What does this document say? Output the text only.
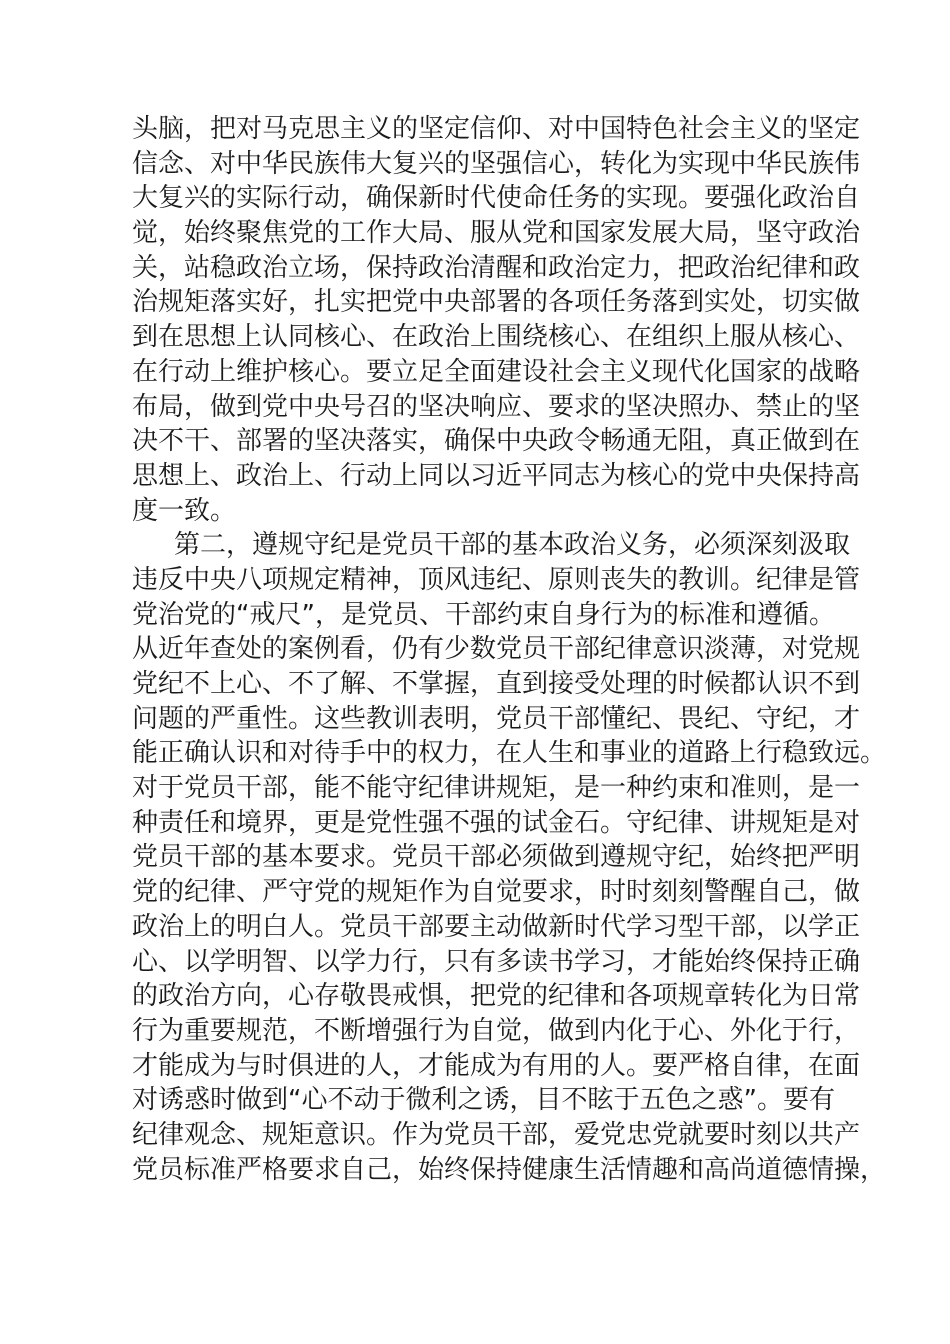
头脑，把对马克思主义的坚定信仰、对中国特色社会主义的坚定
信念、对中华民族伟大复兴的坚强信心，转化为实现中华民族伟
大复兴的实际行动，确保新时代使命任务的实现。要强化政治自
觉，始终聚焦党的工作大局、服从党和国家发展大局，坚守政治
关，站稳政治立场，保持政治清醒和政治定力，把政治纪律和政
治规矩落实好，扎实把党中央部署的各项任务落到实处，切实做
到在思想上认同核心、在政治上围绕核心、在组织上服从核心、
在行动上维护核心。要立足全面建设社会主义现代化国家的战略
布局，做到党中央号召的坚决响应、要求的坚决照办、禁止的坚
决不干、部署的坚决落实，确保中央政令畅通无阻，真正做到在
思想上、政治上、行动上同以习近平同志为核心的党中央保持高
度一致。
第二，遵规守纪是党员干部的基本政治义务，必须深刻汲取
违反中央八项规定精神，顶风违纪、原则丧失的教训。纪律是管
党治党的“戒尺”，是党员、干部约束自身行为的标准和遵循。
从近年查处的案例看，仍有少数党员干部纪律意识淡薄，对党规
党纪不上心、不了解、不掌握，直到接受处理的时候都认识不到
问题的严重性。这些教训表明，党员干部懂纪、畏纪、守纪，才
能正确认识和对待手中的权力，在人生和事业的道路上行稳致远。
对于党员干部，能不能守纪律讲规矩，是一种约束和准则，是一
种责任和境界，更是党性强不强的试金石。守纪律、讲规矩是对
党员干部的基本要求。党员干部必须做到遵规守纪，始终把严明
党的纪律、严守党的规矩作为自觉要求，时时刻刻警醒自己，做
政治上的明白人。党员干部要主动做新时代学习型干部，以学正
心、以学明智、以学力行，只有多读书学习，才能始终保持正确
的政治方向，心存敬畏戒惧，把党的纪律和各项规章转化为日常
行为重要规范，不断增强行为自觉，做到内化于心、外化于行，
才能成为与时俱进的人，才能成为有用的人。要严格自律，在面
对诱惑时做到“心不动于微利之诱，目不眩于五色之惑”。要有
纪律观念、规矩意识。作为党员干部，爱党忠党就要时刻以共产
党员标准严格要求自己，始终保持健康生活情趣和高尚道德情操，
